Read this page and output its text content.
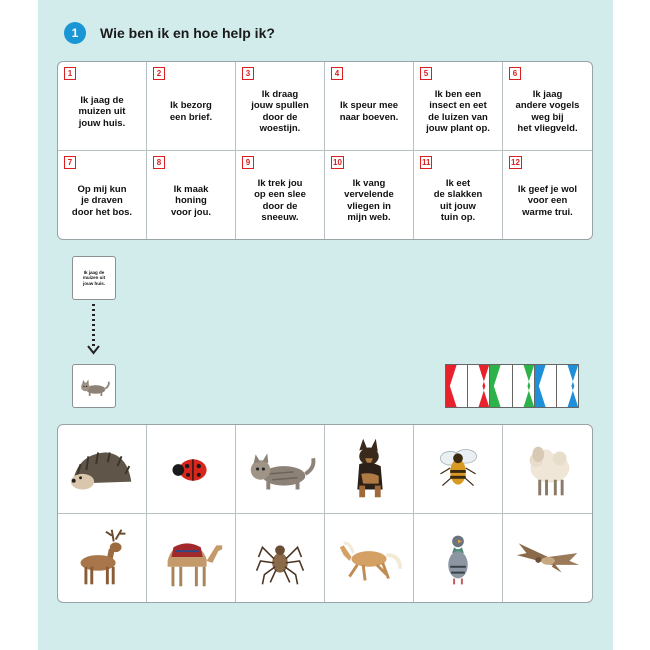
1	Wie ben ik en hoe help ik?
1
Ik jaag de
muizen uit
jouw huis.
2
Ik bezorg
een brief.
3
Ik draag
jouw spullen
door de
woestijn.
4
Ik speur mee
naar boeven.
5
Ik ben een
insect en eet
de luizen van
jouw plant op.
6
Ik jaag
andere vogels
weg bij
het vliegveld.
7
Op mij kun
je draven
door het bos.
8
Ik maak
honing
voor jou.
9
Ik trek jou
op een slee
door de
sneeuw.
10
Ik vang
vervelende
vliegen in
mijn web.
11
Ik eet
de slakken
uit jouw
tuin op.
12
Ik geef je wol
voor een
warme trui.
Ik jaag de
muizen uit
jouw huis.
